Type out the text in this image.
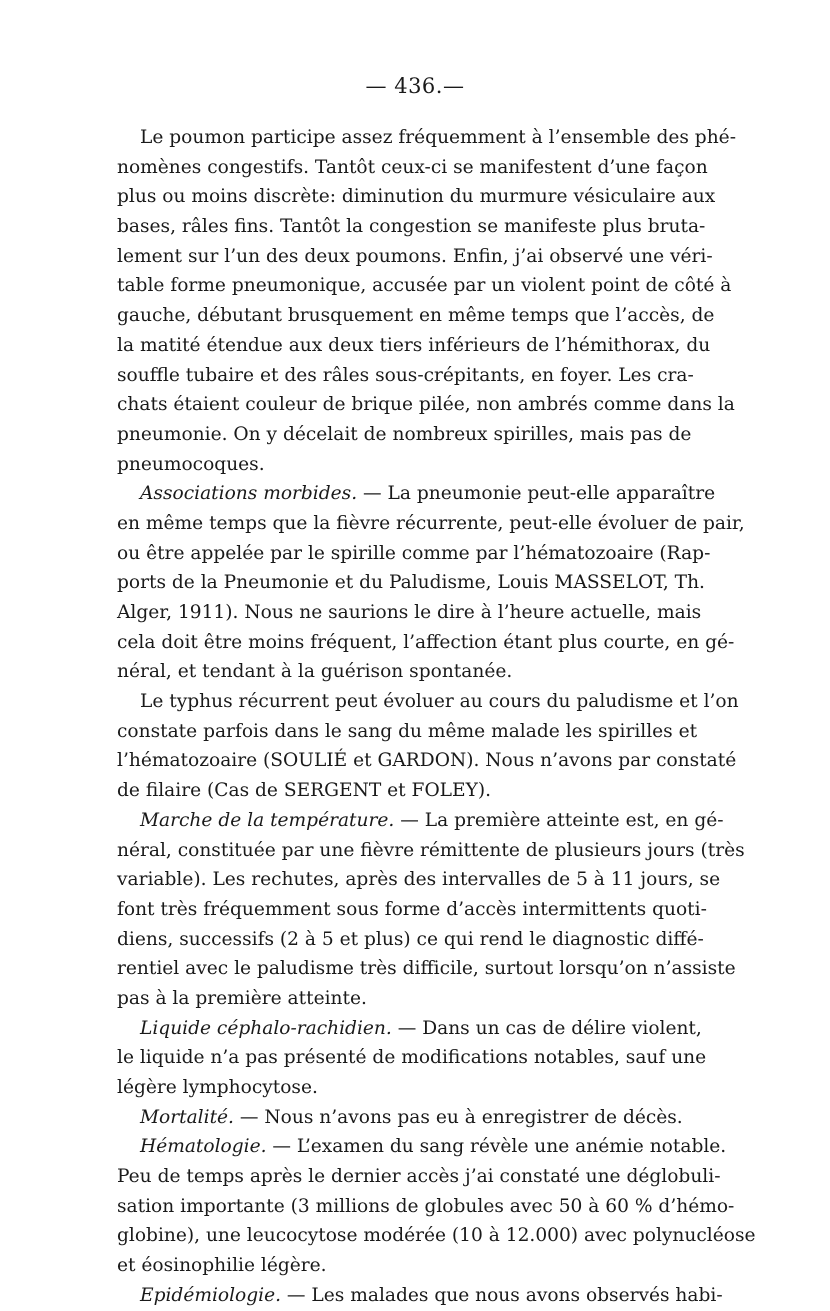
— 436.—
Le poumon participe assez fréquemment à l’ensemble des phé-
nomènes congestifs. Tantôt ceux-ci se manifestent d’une façon
plus ou moins discrète: diminution du murmure vésiculaire aux
bases, râles fins. Tantôt la congestion se manifeste plus bruta-
lement sur l’un des deux poumons. Enfin, j’ai observé une véri-
table forme pneumonique, accusée par un violent point de côté à
gauche, débutant brusquement en même temps que l’accès, de
la matité étendue aux deux tiers inférieurs de l’hémithorax, du
souffle tubaire et des râles sous-crépitants, en foyer. Les cra-
chats étaient couleur de brique pilée, non ambrés comme dans la
pneumonie. On y décelait de nombreux spirilles, mais pas de
pneumocoques.
Associations morbides. — La pneumonie peut-elle apparaître
en même temps que la fièvre récurrente, peut-elle évoluer de pair,
ou être appelée par le spirille comme par l’hématozoaire (Rap-
ports de la Pneumonie et du Paludisme, Louis MASSELOT, Th.
Alger, 1911). Nous ne saurions le dire à l’heure actuelle, mais
cela doit être moins fréquent, l’affection étant plus courte, en gé-
néral, et tendant à la guérison spontanée.
Le typhus récurrent peut évoluer au cours du paludisme et l’on
constate parfois dans le sang du même malade les spirilles et
l’hématozoaire (SOULIÉ et GARDON). Nous n’avons par constaté
de filaire (Cas de SERGENT et FOLEY).
Marche de la température. — La première atteinte est, en gé-
néral, constituée par une fièvre rémittente de plusieurs jours (très
variable). Les rechutes, après des intervalles de 5 à 11 jours, se
font très fréquemment sous forme d’accès intermittents quoti-
diens, successifs (2 à 5 et plus) ce qui rend le diagnostic diffé-
rentiel avec le paludisme très difficile, surtout lorsqu’on n’assiste
pas à la première atteinte.
Liquide céphalo-rachidien. — Dans un cas de délire violent,
le liquide n’a pas présenté de modifications notables, sauf une
légère lymphocytose.
Mortalité. — Nous n’avons pas eu à enregistrer de décès.
Hématologie. — L’examen du sang révèle une anémie notable.
Peu de temps après le dernier accès j’ai constaté une déglobuli-
sation importante (3 millions de globules avec 50 à 60 % d’hémo-
globine), une leucocytose modérée (10 à 12.000) avec polynucléose
et éosinophilie légère.
Epidémiologie. — Les malades que nous avons observés habi-
